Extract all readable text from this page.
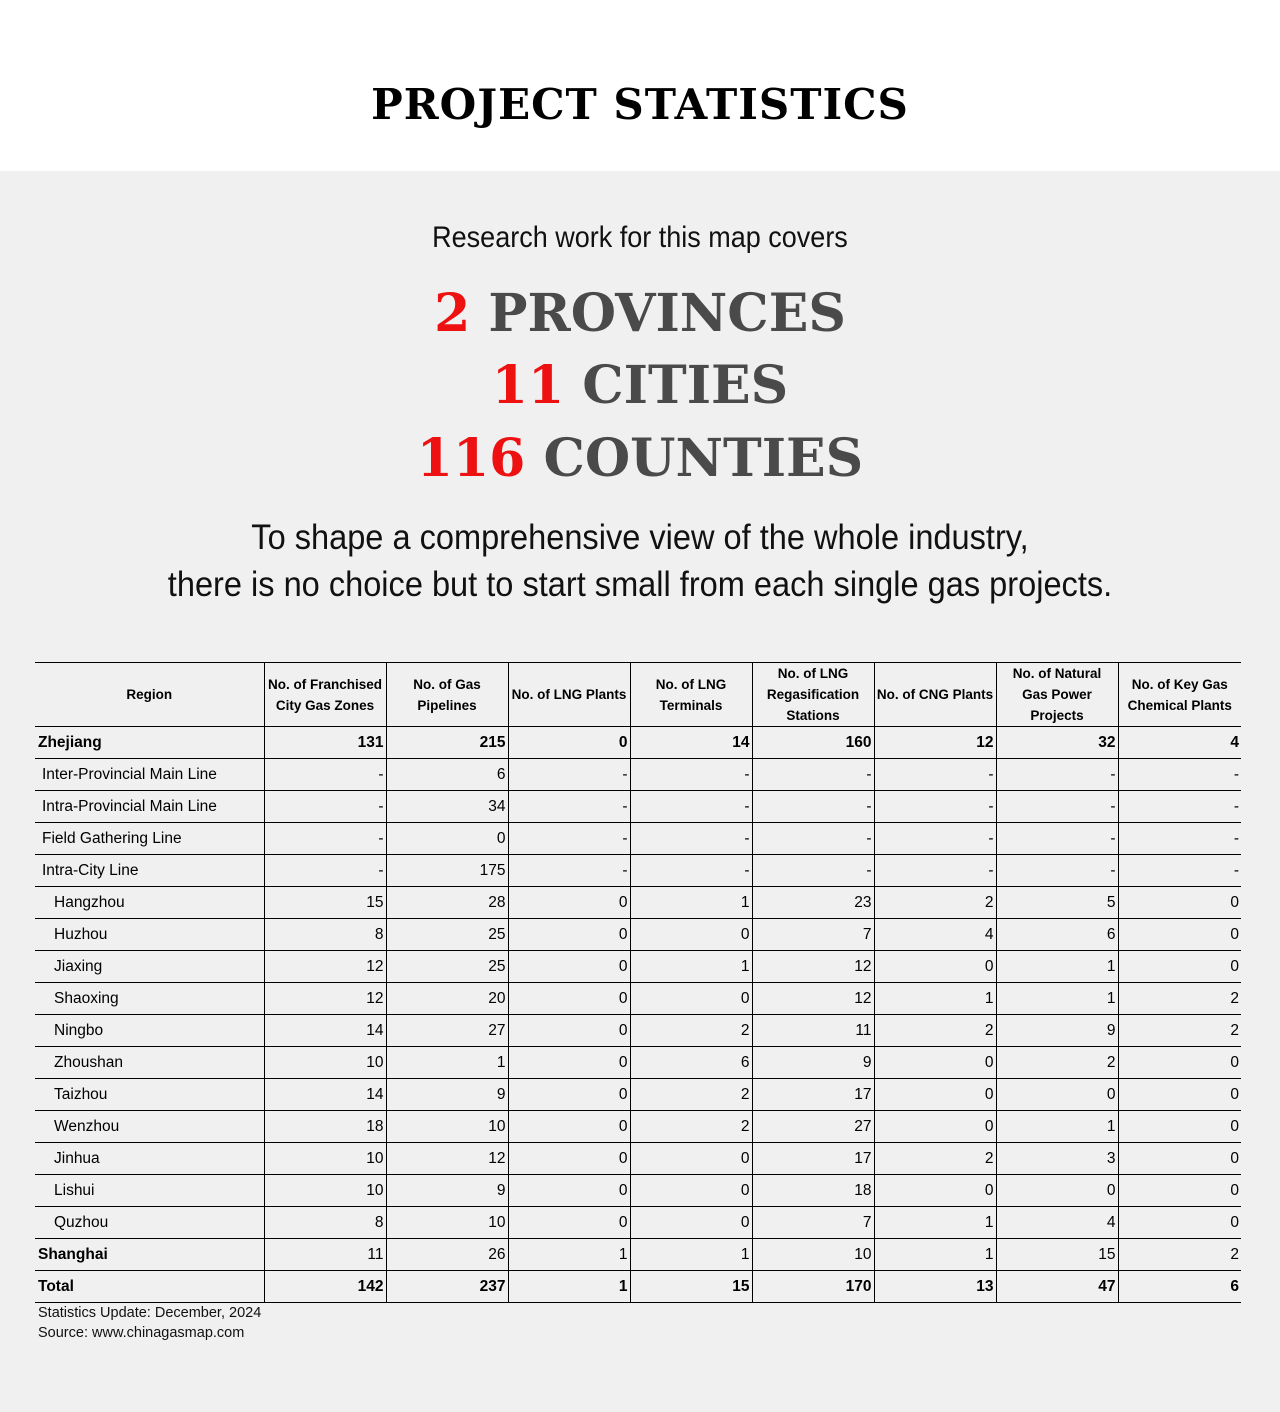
PROJECT STATISTICS
Research work for this map covers
2 PROVINCES
11 CITIES
116 COUNTIES
To shape a comprehensive view of the whole industry,
there is no choice but to start small from each single gas projects.
Region	No. of Franchised City Gas Zones	No. of Gas Pipelines	No. of LNG Plants	No. of LNG Terminals	No. of LNG Regasification Stations	No. of CNG Plants	No. of Natural Gas Power Projects	No. of Key Gas Chemical Plants
Zhejiang	131	215	0	14	160	12	32	4
Inter-Provincial Main Line	-	6	-	-	-	-	-	-
Intra-Provincial Main Line	-	34	-	-	-	-	-	-
Field Gathering Line	-	0	-	-	-	-	-	-
Intra-City Line	-	175	-	-	-	-	-	-
Hangzhou	15	28	0	1	23	2	5	0
Huzhou	8	25	0	0	7	4	6	0
Jiaxing	12	25	0	1	12	0	1	0
Shaoxing	12	20	0	0	12	1	1	2
Ningbo	14	27	0	2	11	2	9	2
Zhoushan	10	1	0	6	9	0	2	0
Taizhou	14	9	0	2	17	0	0	0
Wenzhou	18	10	0	2	27	0	1	0
Jinhua	10	12	0	0	17	2	3	0
Lishui	10	9	0	0	18	0	0	0
Quzhou	8	10	0	0	7	1	4	0
Shanghai	11	26	1	1	10	1	15	2
Total	142	237	1	15	170	13	47	6
Statistics Update: December, 2024
Source: www.chinagasmap.com
